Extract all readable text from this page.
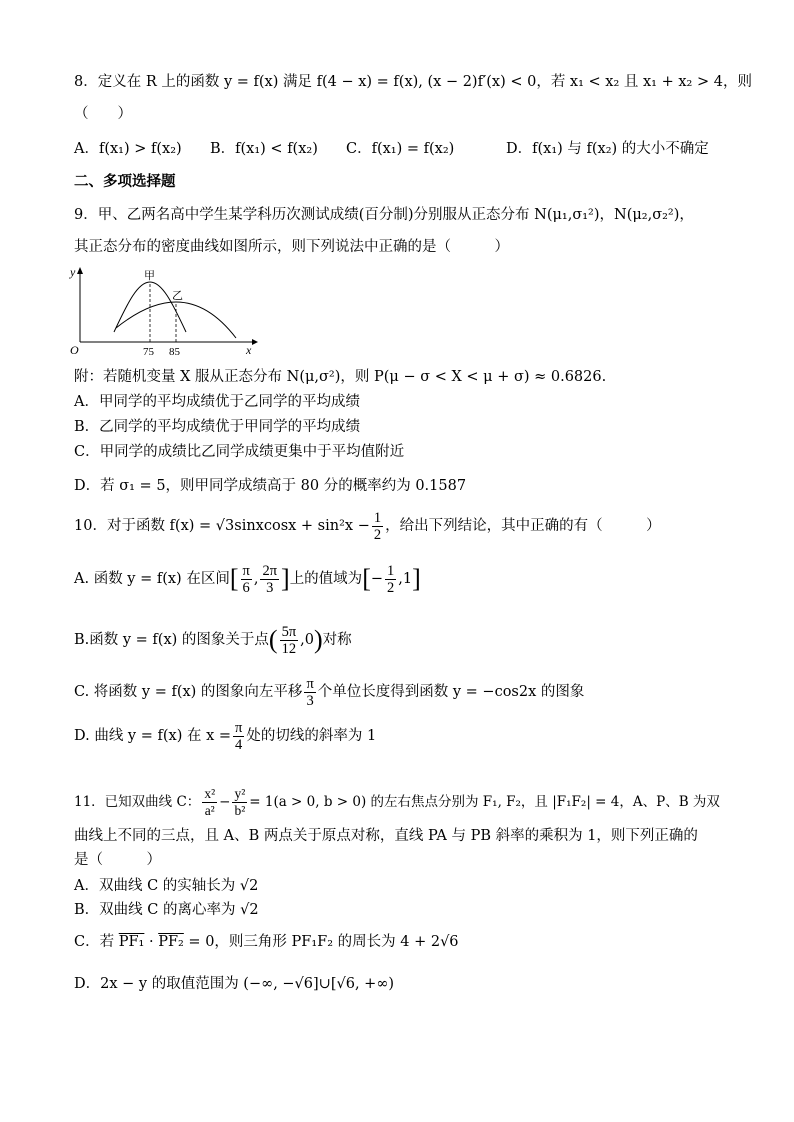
8．定义在 R 上的函数 y = f(x) 满足 f(4 − x) = f(x), (x − 2)f′(x) < 0，若 x₁ < x₂ 且 x₁ + x₂ > 4，则
（　　）
A．f(x₁) > f(x₂) B．f(x₁) < f(x₂) C．f(x₁) = f(x₂)	D．f(x₁) 与 f(x₂) 的大小不确定
二、多项选择题
9．甲、乙两名高中学生某学科历次测试成绩(百分制)分别服从正态分布 N(μ₁,σ₁²)，N(μ₂,σ₂²)，
其正态分布的密度曲线如图所示，则下列说法中正确的是（　　　）
y
x
O
甲
乙
75 85
附：若随机变量 X 服从正态分布 N(μ,σ²)，则 P(μ − σ < X < μ + σ) ≈ 0.6826.
A．甲同学的平均成绩优于乙同学的平均成绩
B．乙同学的平均成绩优于甲同学的平均成绩
C．甲同学的成绩比乙同学成绩更集中于平均值附近
D．若 σ₁ = 5，则甲同学成绩高于 80 分的概率约为 0.1587
10．对于函数 f(x) = √3sinxcosx + $\sin^2x - \frac{1}{2}$ ，给出下列结论，其中正确的有（　　　）
A. 函数 y = f(x) 在区间[ $\frac{\pi}{6}$ , $\frac{2\pi}{3}$ ]上的值域为[− $\frac{1}{2} ,1$]
B.函数 y = f(x) 的图象关于点( $\frac{5\pi}{12} ,0$)对称
C. 将函数 y = f(x) 的图象向左平移 $\frac{\pi}{3}$ 个单位长度得到函数 y = −cos2x 的图象
D. 曲线 y = f(x) 在 $x = \frac{\pi}{4}$ 处的切线的斜率为 1
11．已知双曲线 C： $\frac{\text{x²}}{\text{a²}} - \frac{\text{y²}}{\text{b²}} = 1(a > 0$, b > 0) 的左右焦点分别为 F₁, F₂，且 |F₁F₂| = 4，A、P、B 为双
曲线上不同的三点，且 A、B 两点关于原点对称，直线 PA 与 PB 斜率的乘积为 1，则下列正确的
是（　　　）
A．双曲线 C 的实轴长为 √2
B．双曲线 C 的离心率为 √2
C．若 PF₁ · PF₂ = 0，则三角形 PF₁F₂ 的周长为 4 + 2√6
D．2x − y 的取值范围为 (−∞, −√6]∪[√6, +∞)
